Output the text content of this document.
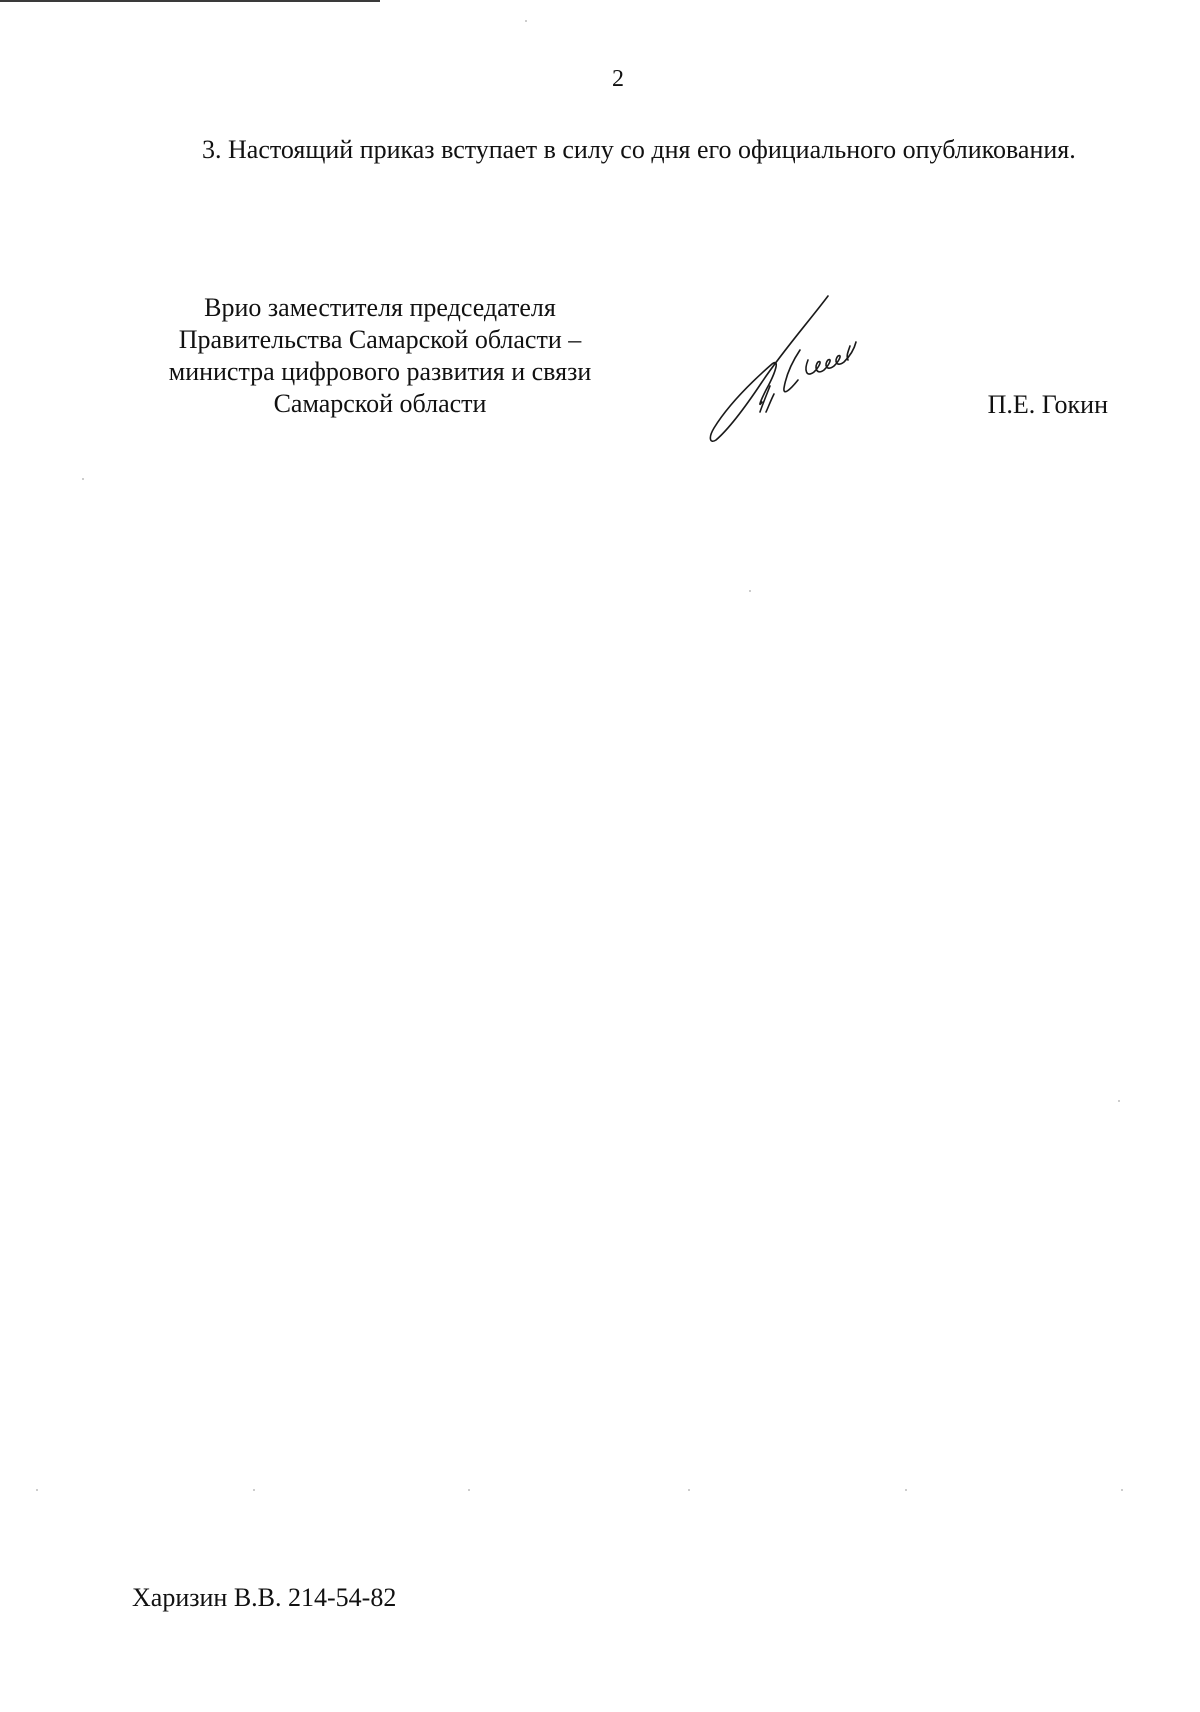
2

3. Настоящий приказ вступает в силу со дня его официального опубликования.

Врио заместителя председателя
Правительства Самарской области –
министра цифрового развития и связи
Самарской области	П.Е. Гокин
Харизин В.В. 214-54-82
